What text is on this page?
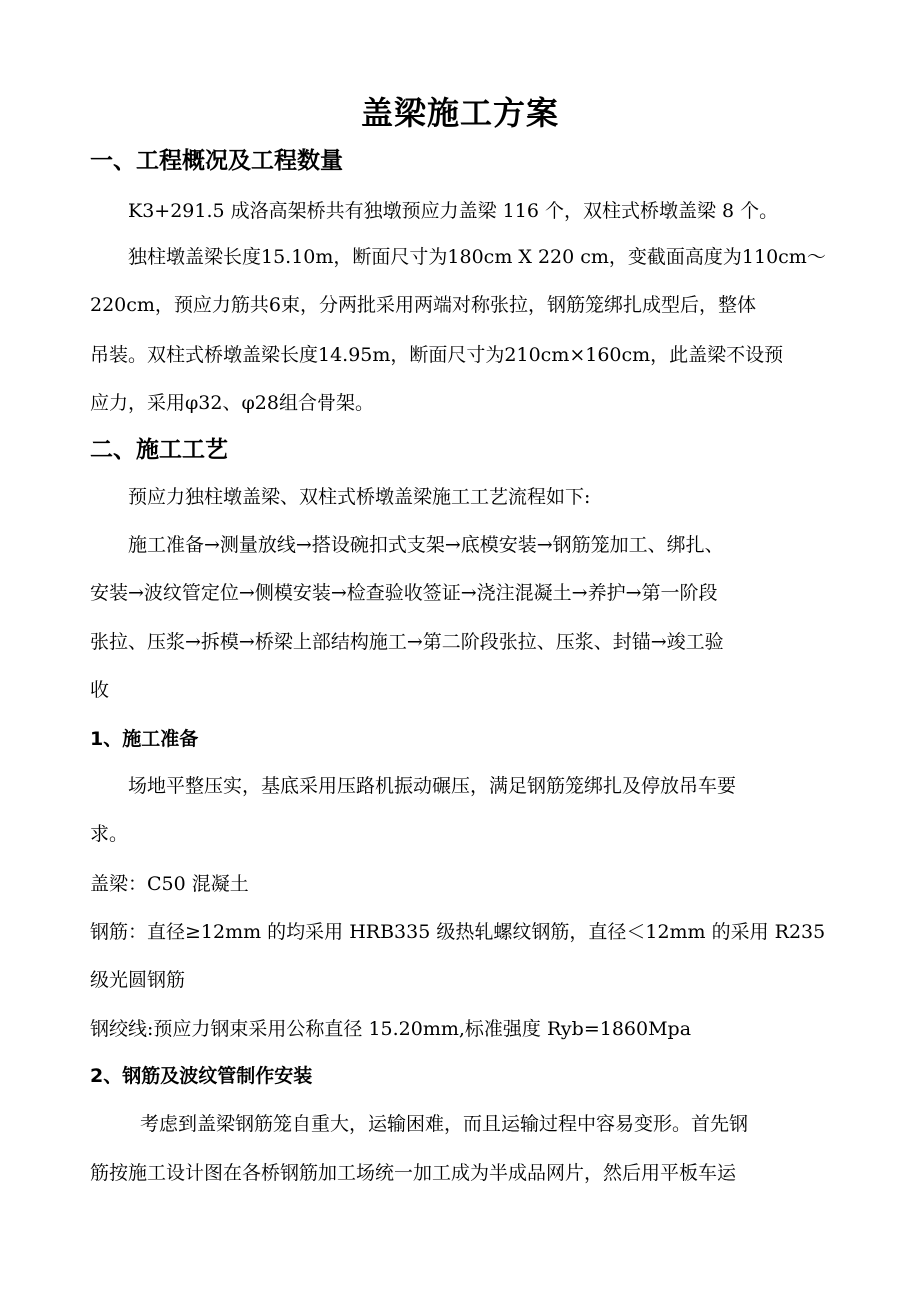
盖梁施工方案
一、工程概况及工程数量
K3+291.5 成洛高架桥共有独墩预应力盖梁 116 个，双柱式桥墩盖梁 8 个。
独柱墩盖梁长度15.10m，断面尺寸为180cm X 220 cm，变截面高度为110cm～
220cm，预应力筋共6束，分两批采用两端对称张拉，钢筋笼绑扎成型后，整体
吊装。双柱式桥墩盖梁长度14.95m，断面尺寸为210cm×160cm，此盖梁不设预
应力，采用φ32、φ28组合骨架。
二、施工工艺
预应力独柱墩盖梁、双柱式桥墩盖梁施工工艺流程如下:
施工准备→测量放线→搭设碗扣式支架→底模安装→钢筋笼加工、绑扎、
安装→波纹管定位→侧模安装→检查验收签证→浇注混凝土→养护→第一阶段
张拉、压浆→拆模→桥梁上部结构施工→第二阶段张拉、压浆、封锚→竣工验
收
1、施工准备
场地平整压实，基底采用压路机振动碾压，满足钢筋笼绑扎及停放吊车要
求。
盖梁：C50 混凝土
钢筋：直径≥12mm 的均采用 HRB335 级热轧螺纹钢筋，直径＜12mm 的采用 R235
级光圆钢筋
钢绞线:预应力钢束采用公称直径 15.20mm,标准强度 Ryb=1860Mpa
2、钢筋及波纹管制作安装
考虑到盖梁钢筋笼自重大，运输困难，而且运输过程中容易变形。首先钢
筋按施工设计图在各桥钢筋加工场统一加工成为半成品网片，然后用平板车运
